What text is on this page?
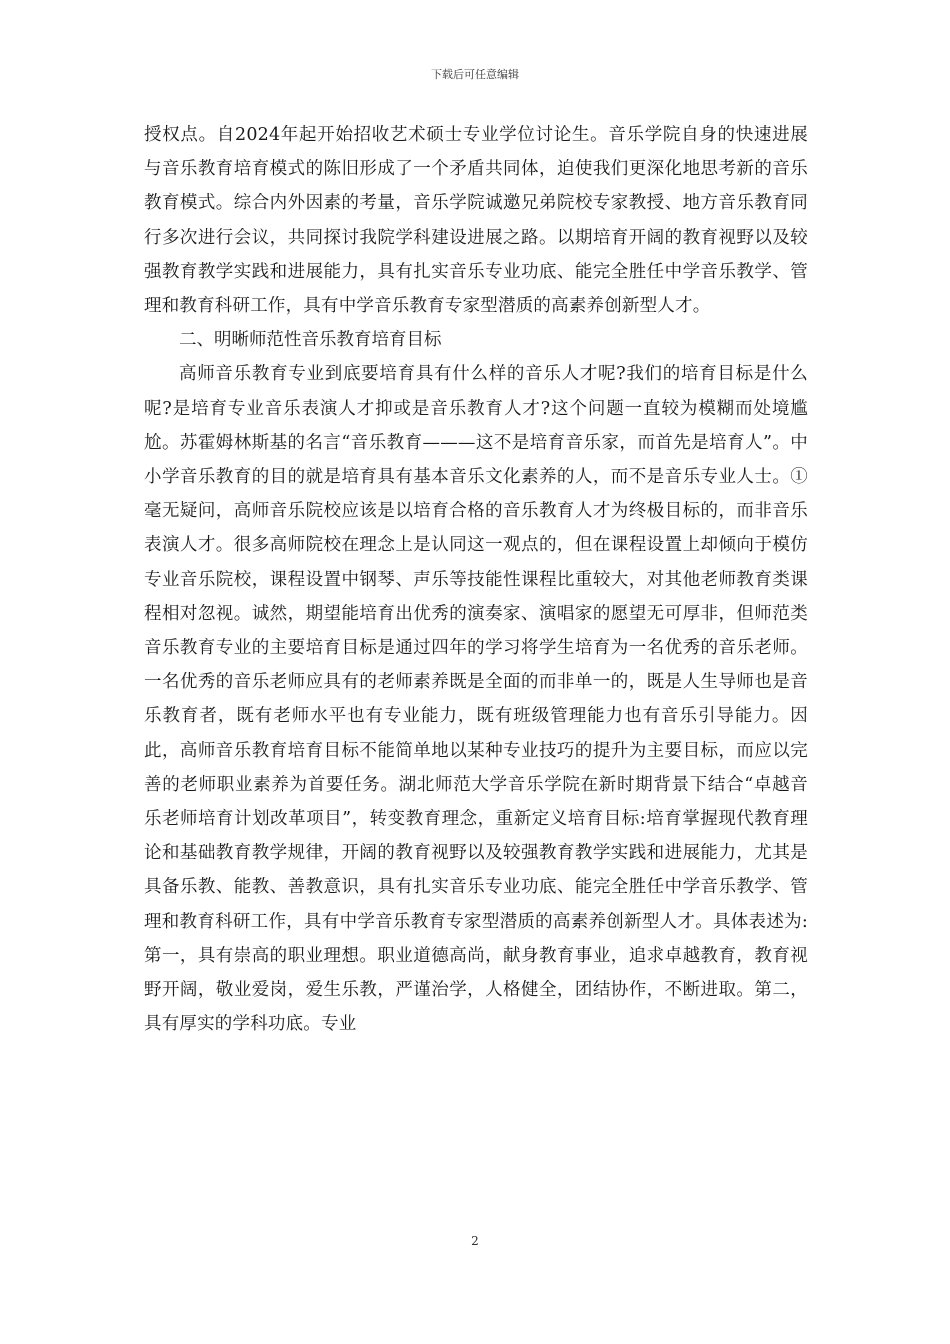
下载后可任意编辑

授权点。自2024年起开始招收艺术硕士专业学位讨论生。音乐学院自身的快速进展与音乐教育培育模式的陈旧形成了一个矛盾共同体，迫使我们更深化地思考新的音乐教育模式。综合内外因素的考量，音乐学院诚邀兄弟院校专家教授、地方音乐教育同行多次进行会议，共同探讨我院学科建设进展之路。以期培育开阔的教育视野以及较强教育教学实践和进展能力，具有扎实音乐专业功底、能完全胜任中学音乐教学、管理和教育科研工作，具有中学音乐教育专家型潜质的高素养创新型人才。

二、明晰师范性音乐教育培育目标

高师音乐教育专业到底要培育具有什么样的音乐人才呢?我们的培育目标是什么呢?是培育专业音乐表演人才抑或是音乐教育人才?这个问题一直较为模糊而处境尴尬。苏霍姆林斯基的名言“音乐教育———这不是培育音乐家，而首先是培育人”。中小学音乐教育的目的就是培育具有基本音乐文化素养的人，而不是音乐专业人士。①毫无疑问，高师音乐院校应该是以培育合格的音乐教育人才为终极目标的，而非音乐表演人才。很多高师院校在理念上是认同这一观点的，但在课程设置上却倾向于模仿专业音乐院校，课程设置中钢琴、声乐等技能性课程比重较大，对其他老师教育类课程相对忽视。诚然，期望能培育出优秀的演奏家、演唱家的愿望无可厚非，但师范类音乐教育专业的主要培育目标是通过四年的学习将学生培育为一名优秀的音乐老师。一名优秀的音乐老师应具有的老师素养既是全面的而非单一的，既是人生导师也是音乐教育者，既有老师水平也有专业能力，既有班级管理能力也有音乐引导能力。因此，高师音乐教育培育目标不能简单地以某种专业技巧的提升为主要目标，而应以完善的老师职业素养为首要任务。湖北师范大学音乐学院在新时期背景下结合“卓越音乐老师培育计划改革项目”，转变教育理念，重新定义培育目标:培育掌握现代教育理论和基础教育教学规律，开阔的教育视野以及较强教育教学实践和进展能力，尤其是具备乐教、能教、善教意识，具有扎实音乐专业功底、能完全胜任中学音乐教学、管理和教育科研工作，具有中学音乐教育专家型潜质的高素养创新型人才。具体表述为:第一，具有崇高的职业理想。职业道德高尚，献身教育事业，追求卓越教育，教育视野开阔，敬业爱岗，爱生乐教，严谨治学，人格健全，团结协作，不断进取。第二，具有厚实的学科功底。专业

2
